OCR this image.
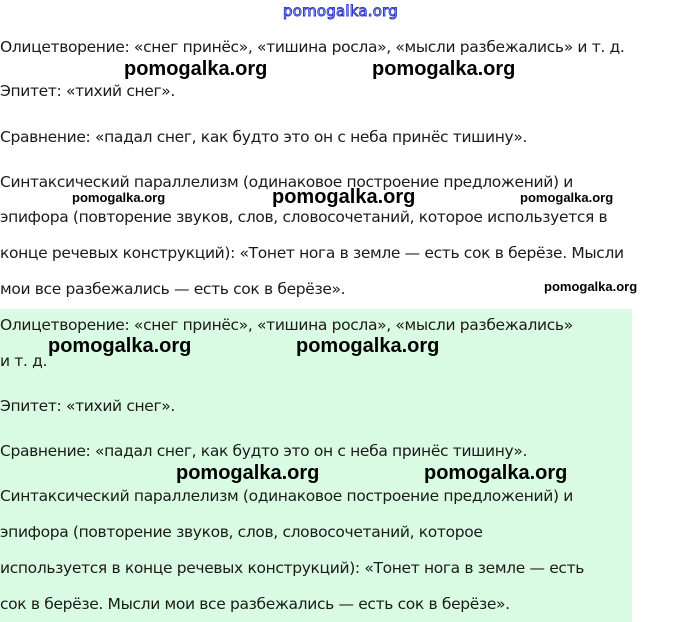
pomogalka.org

Олицетворение: «снег принёс», «тишина росла», «мысли разбежались» и т. д.

Эпитет: «тихий снег».

Сравнение: «падал снег, как будто это он с неба принёс тишину».

Синтаксический параллелизм (одинаковое построение предложений) и

эпифора (повторение звуков, слов, словосочетаний, которое используется в

конце речевых конструкций): «Тонет нога в земле — есть сок в берёзе. Мысли

мои все разбежались — есть сок в берёзе».

Олицетворение: «снег принёс», «тишина росла», «мысли разбежались»

и т. д.

Эпитет: «тихий снег».

Сравнение: «падал снег, как будто это он с неба принёс тишину».

Синтаксический параллелизм (одинаковое построение предложений) и

эпифора (повторение звуков, слов, словосочетаний, которое

используется в конце речевых конструкций): «Тонет нога в земле — есть

сок в берёзе. Мысли мои все разбежались — есть сок в берёзе».

pomogalka.org	pomogalka.org
pomogalka.org	pomogalka.org	pomogalka.org
pomogalka.org
pomogalka.org	pomogalka.org
pomogalka.org	pomogalka.org
